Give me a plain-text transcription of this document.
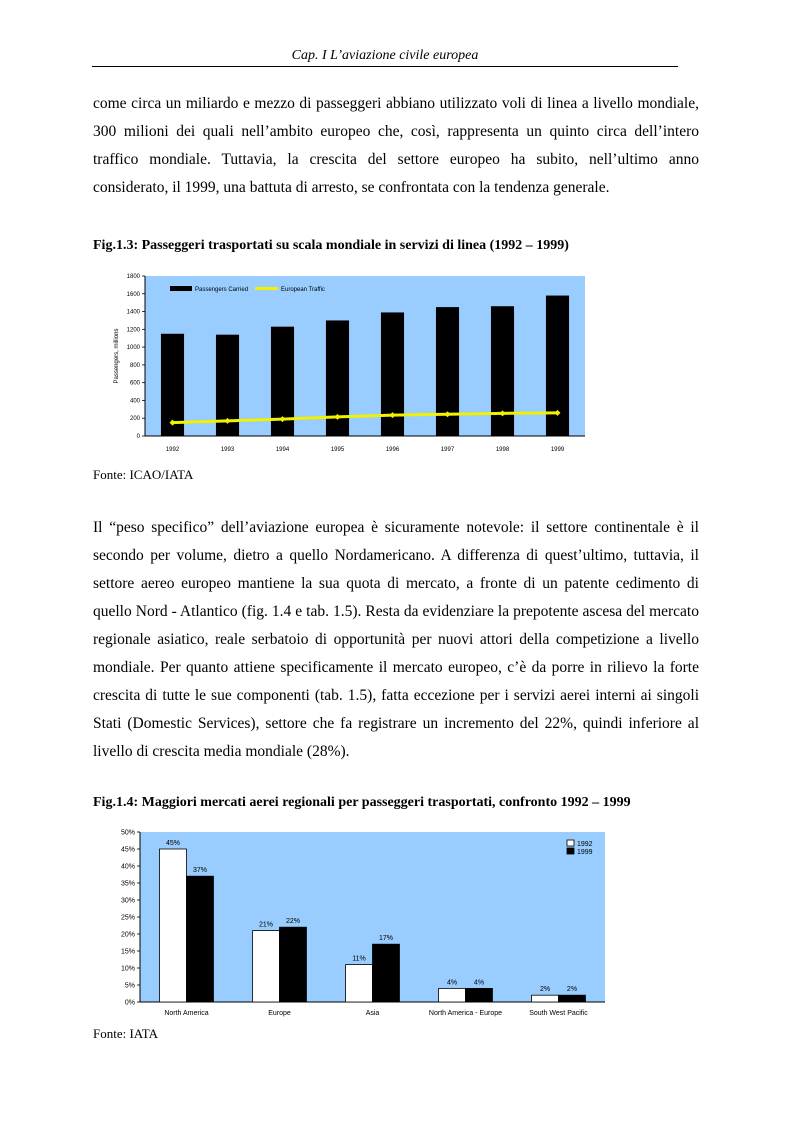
Cap. I L’aviazione civile europea
come circa un miliardo e mezzo di passeggeri abbiano utilizzato voli di linea a livello mondiale, 300 milioni dei quali nell’ambito europeo che, così, rappresenta un quinto circa dell’intero traffico mondiale. Tuttavia, la crescita del settore europeo ha subito, nell’ultimo anno considerato, il 1999, una battuta di arresto, se confrontata con la tendenza generale.
Fig.1.3: Passeggeri trasportati su scala mondiale in servizi di linea (1992 – 1999)
0
200
400
600
800
1000
1200
1400
1600
1800
Passengers, millions
1992	1993	1994	1995	1996	1997	1998	1999
Passengers Carried	European Traffic
Fonte: ICAO/IATA
Il “peso specifico” dell’aviazione europea è sicuramente notevole: il settore continentale è il secondo per volume, dietro a quello Nordamericano. A differenza di quest’ultimo, tuttavia, il settore aereo europeo mantiene la sua quota di mercato, a fronte di un patente cedimento di quello Nord - Atlantico (fig. 1.4 e tab. 1.5). Resta da evidenziare la prepotente ascesa del mercato regionale asiatico, reale serbatoio di opportunità per nuovi attori della competizione a livello mondiale. Per quanto attiene specificamente il mercato europeo, c’è da porre in rilievo la forte crescita di tutte le sue componenti (tab. 1.5), fatta eccezione per i servizi aerei interni ai singoli Stati (Domestic Services), settore che fa registrare un incremento del 22%, quindi inferiore al livello di crescita media mondiale (28%).
Fig.1.4: Maggiori mercati aerei regionali per passeggeri trasportati, confronto 1992 – 1999
0%
5%
10%
15%
20%
25%
30%
35%
40%
45%
50%
45%
37%
North America
21% 22%
Europe
11%
17%
Asia
4% 4%
North America - Europe
2% 2%
South West Pacific
1992
1999
Fonte: IATA
